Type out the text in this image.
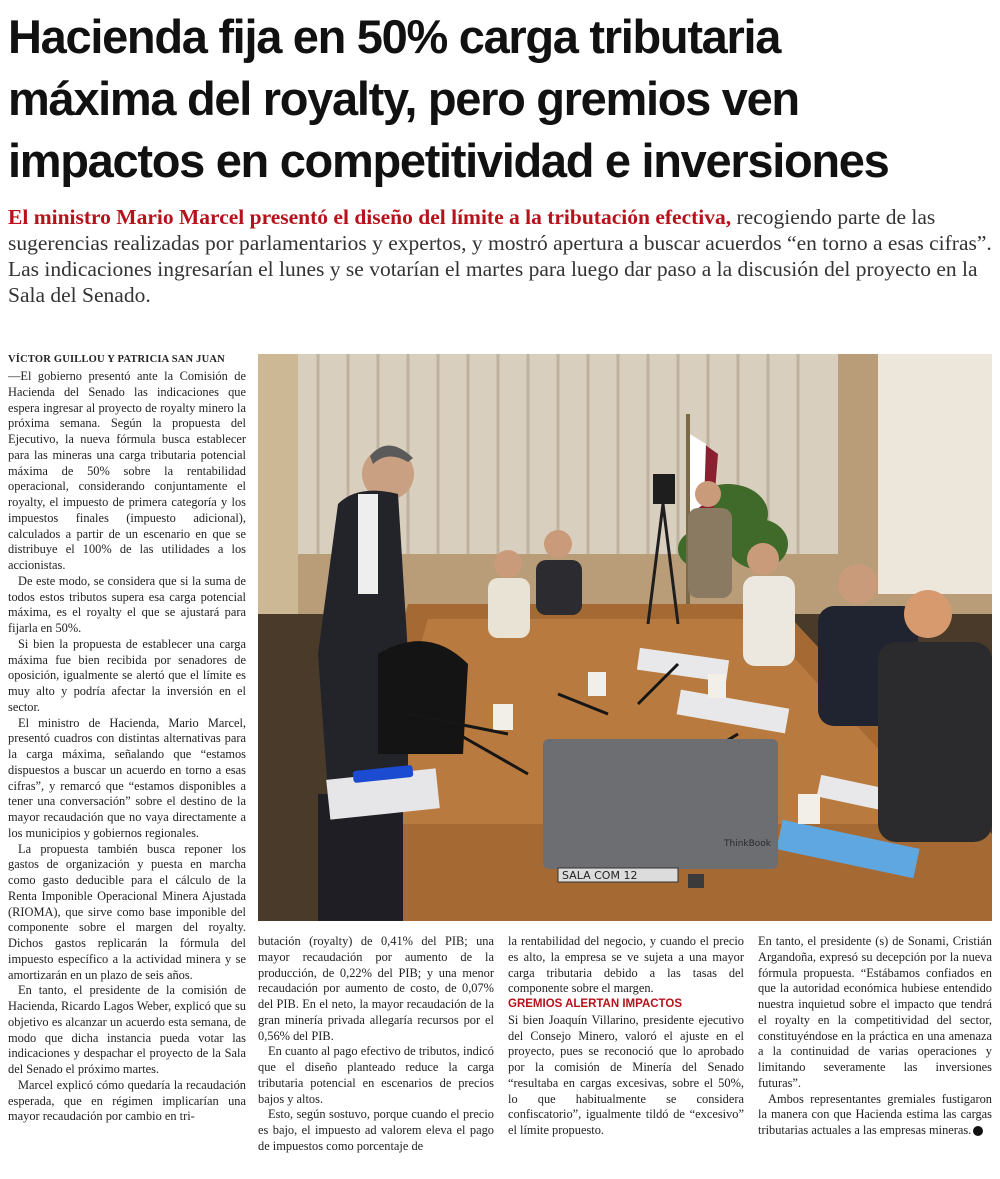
Hacienda fija en 50% carga tributaria
máxima del royalty, pero gremios ven
impactos en competitividad e inversiones
El ministro Mario Marcel presentó el diseño del límite a la tributación efectiva, recogiendo parte de las sugerencias realizadas por parlamentarios y expertos, y mostró apertura a buscar acuerdos “en torno a esas cifras”. Las indicaciones ingresarían el lunes y se votarían el martes para luego dar paso a la discusión del proyecto en la Sala del Senado.
VÍCTOR GUILLOU Y PATRICIA SAN JUAN

—El gobierno presentó ante la Comisión de Hacienda del Senado las indicaciones que espera ingresar al proyecto de royalty minero la próxima semana. Según la propuesta del Ejecutivo, la nueva fórmula busca establecer para las mineras una carga tributaria potencial máxima de 50% sobre la rentabilidad operacional, considerando conjuntamente el royalty, el impuesto de primera categoría y los impuestos finales (impuesto adicional), calculados a partir de un escenario en que se distribuye el 100% de las utilidades a los accionistas.

De este modo, se considera que si la suma de todos estos tributos supera esa carga potencial máxima, es el royalty el que se ajustará para fijarla en 50%.

Si bien la propuesta de establecer una carga máxima fue bien recibida por senadores de oposición, igualmente se alertó que el límite es muy alto y podría afectar la inversión en el sector.

El ministro de Hacienda, Mario Marcel, presentó cuadros con distintas alternativas para la carga máxima, señalando que “estamos dispuestos a buscar un acuerdo en torno a esas cifras”, y remarcó que “estamos disponibles a tener una conversación” sobre el destino de la mayor recaudación que no vaya directamente a los municipios y gobiernos regionales.

La propuesta también busca reponer los gastos de organización y puesta en marcha como gasto deducible para el cálculo de la Renta Imponible Operacional Minera Ajustada (RIOMA), que sirve como base imponible del componente sobre el margen del royalty. Dichos gastos replicarán la fórmula del impuesto específico a la actividad minera y se amortizarán en un plazo de seis años.

En tanto, el presidente de la comisión de Hacienda, Ricardo Lagos Weber, explicó que su objetivo es alcanzar un acuerdo esta semana, de modo que dicha instancia pueda votar las indicaciones y despachar el proyecto de la Sala del Senado el próximo martes.

Marcel explicó cómo quedaría la recaudación esperada, que en régimen implicarían una mayor recaudación por cambio en tri-

SALA COM 12
ThinkBook

butación (royalty) de 0,41% del PIB; una mayor recaudación por aumento de la producción, de 0,22% del PIB; y una menor recaudación por aumento de costo, de 0,07% del PIB. En el neto, la mayor recaudación de la gran minería privada allegaría recursos por el 0,56% del PIB.

En cuanto al pago efectivo de tributos, indicó que el diseño planteado reduce la carga tributaria potencial en escenarios de precios bajos y altos.

Esto, según sostuvo, porque cuando el precio es bajo, el impuesto ad valorem eleva el pago de impuestos como porcentaje de

la rentabilidad del negocio, y cuando el precio es alto, la empresa se ve sujeta a una mayor carga tributaria debido a las tasas del componente sobre el margen.

GREMIOS ALERTAN IMPACTOS

Si bien Joaquín Villarino, presidente ejecutivo del Consejo Minero, valoró el ajuste en el proyecto, pues se reconoció que lo aprobado por la comisión de Minería del Senado “resultaba en cargas excesivas, sobre el 50%, lo que habitualmente se considera confiscatorio”, igualmente tildó de “excesivo” el límite propuesto.

En tanto, el presidente (s) de Sonami, Cristián Argandoña, expresó su decepción por la nueva fórmula propuesta. “Estábamos confiados en que la autoridad económica hubiese entendido nuestra inquietud sobre el impacto que tendrá el royalty en la competitividad del sector, constituyéndose en la práctica en una amenaza a la continuidad de varias operaciones y limitando severamente las inversiones futuras”.

Ambos representantes gremiales fustigaron la manera con que Hacienda estima las cargas tributarias actuales a las empresas mineras. P
